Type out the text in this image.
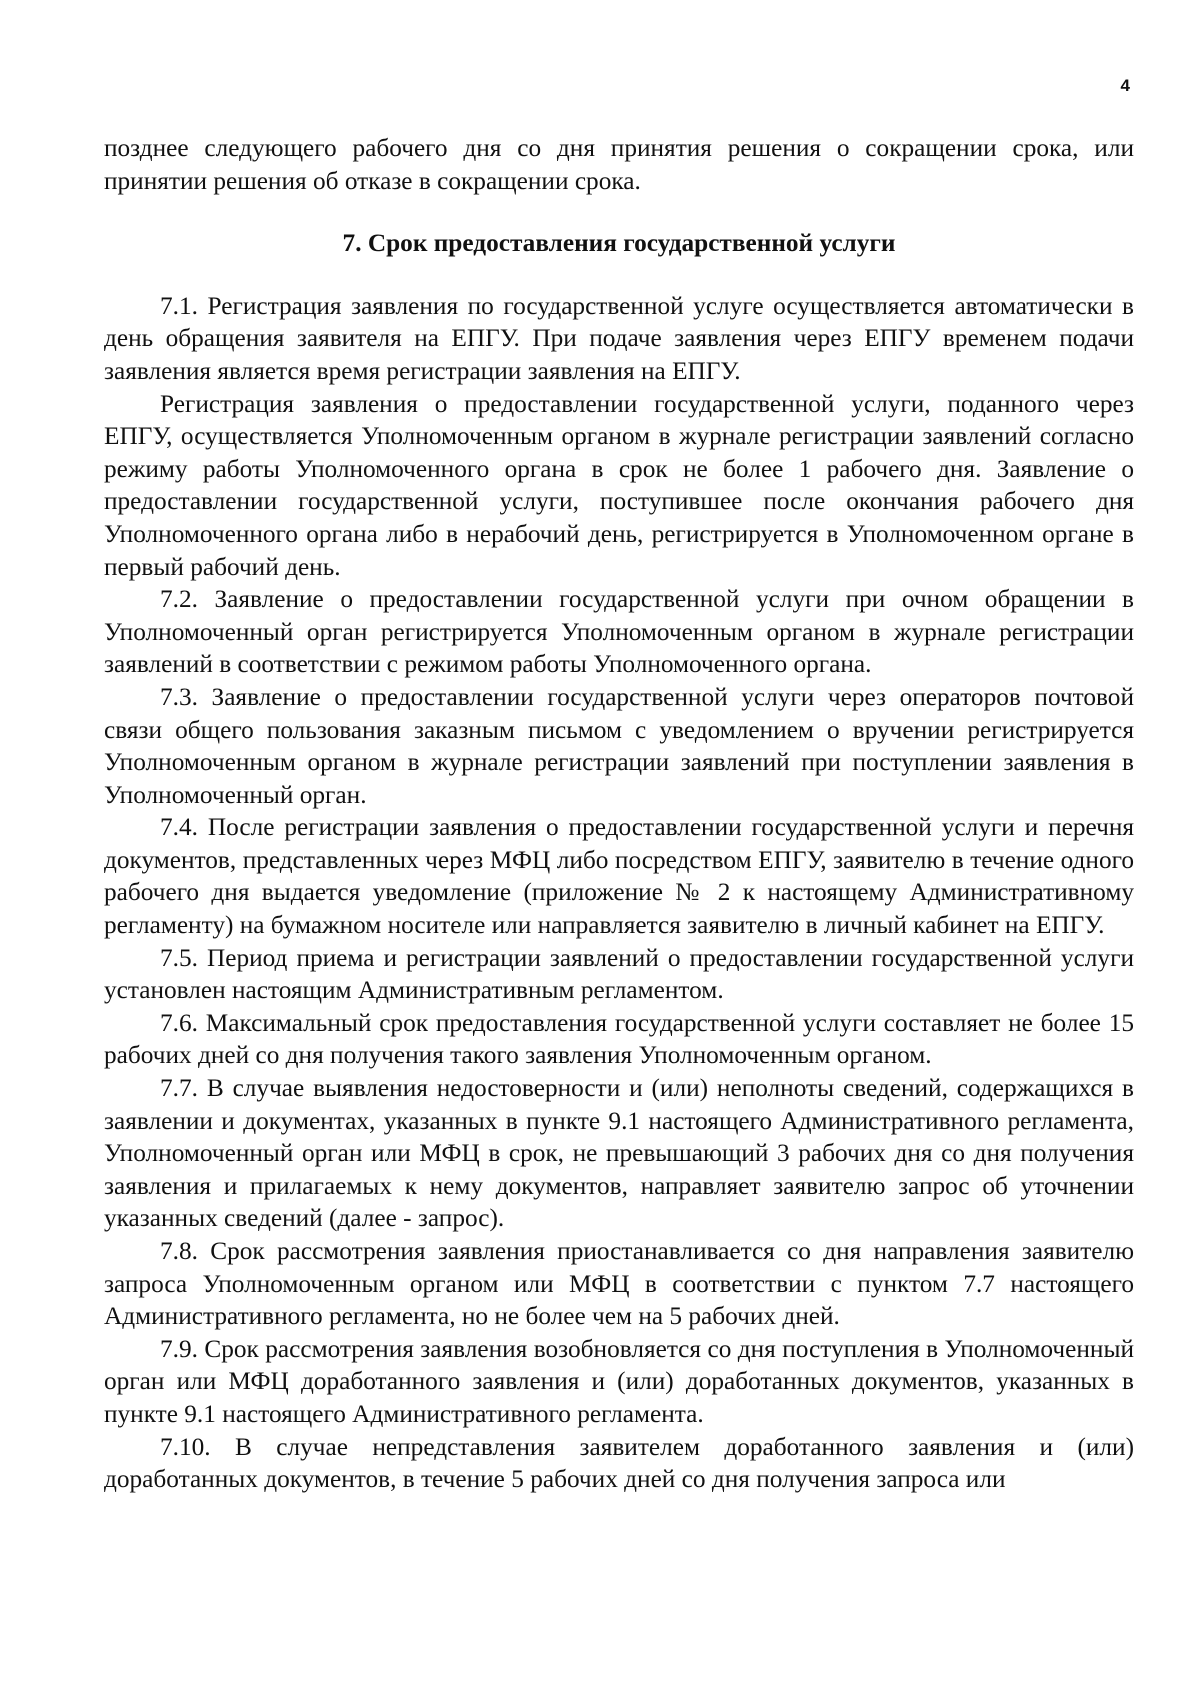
4

позднее следующего рабочего дня со дня принятия решения о сокращении срока, или принятии решения об отказе в сокращении срока.

7. Срок предоставления государственной услуги

7.1. Регистрация заявления по государственной услуге осуществляется автоматически в день обращения заявителя на ЕПГУ. При подаче заявления через ЕПГУ временем подачи заявления является время регистрации заявления на ЕПГУ.

Регистрация заявления о предоставлении государственной услуги, поданного через ЕПГУ, осуществляется Уполномоченным органом в журнале регистрации заявлений согласно режиму работы Уполномоченного органа в срок не более 1 рабочего дня. Заявление о предоставлении государственной услуги, поступившее после окончания рабочего дня Уполномоченного органа либо в нерабочий день, регистрируется в Уполномоченном органе в первый рабочий день.

7.2. Заявление о предоставлении государственной услуги при очном обращении в Уполномоченный орган регистрируется Уполномоченным органом в журнале регистрации заявлений в соответствии с режимом работы Уполномоченного органа.

7.3. Заявление о предоставлении государственной услуги через операторов почтовой связи общего пользования заказным письмом с уведомлением о вручении регистрируется Уполномоченным органом в журнале регистрации заявлений при поступлении заявления в Уполномоченный орган.

7.4. После регистрации заявления о предоставлении государственной услуги и перечня документов, представленных через МФЦ либо посредством ЕПГУ, заявителю в течение одного рабочего дня выдается уведомление (приложение № 2 к настоящему Административному регламенту) на бумажном носителе или направляется заявителю в личный кабинет на ЕПГУ.

7.5. Период приема и регистрации заявлений о предоставлении государственной услуги установлен настоящим Административным регламентом.

7.6. Максимальный срок предоставления государственной услуги составляет не более 15 рабочих дней со дня получения такого заявления Уполномоченным органом.

7.7. В случае выявления недостоверности и (или) неполноты сведений, содержащихся в заявлении и документах, указанных в пункте 9.1 настоящего Административного регламента, Уполномоченный орган или МФЦ в срок, не превышающий 3 рабочих дня со дня получения заявления и прилагаемых к нему документов, направляет заявителю запрос об уточнении указанных сведений (далее - запрос).

7.8. Срок рассмотрения заявления приостанавливается со дня направления заявителю запроса Уполномоченным органом или МФЦ в соответствии с пунктом 7.7 настоящего Административного регламента, но не более чем на 5 рабочих дней.

7.9. Срок рассмотрения заявления возобновляется со дня поступления в Уполномоченный орган или МФЦ доработанного заявления и (или) доработанных документов, указанных в пункте 9.1 настоящего Административного регламента.

7.10. В случае непредставления заявителем доработанного заявления и (или) доработанных документов, в течение 5 рабочих дней со дня получения запроса или
